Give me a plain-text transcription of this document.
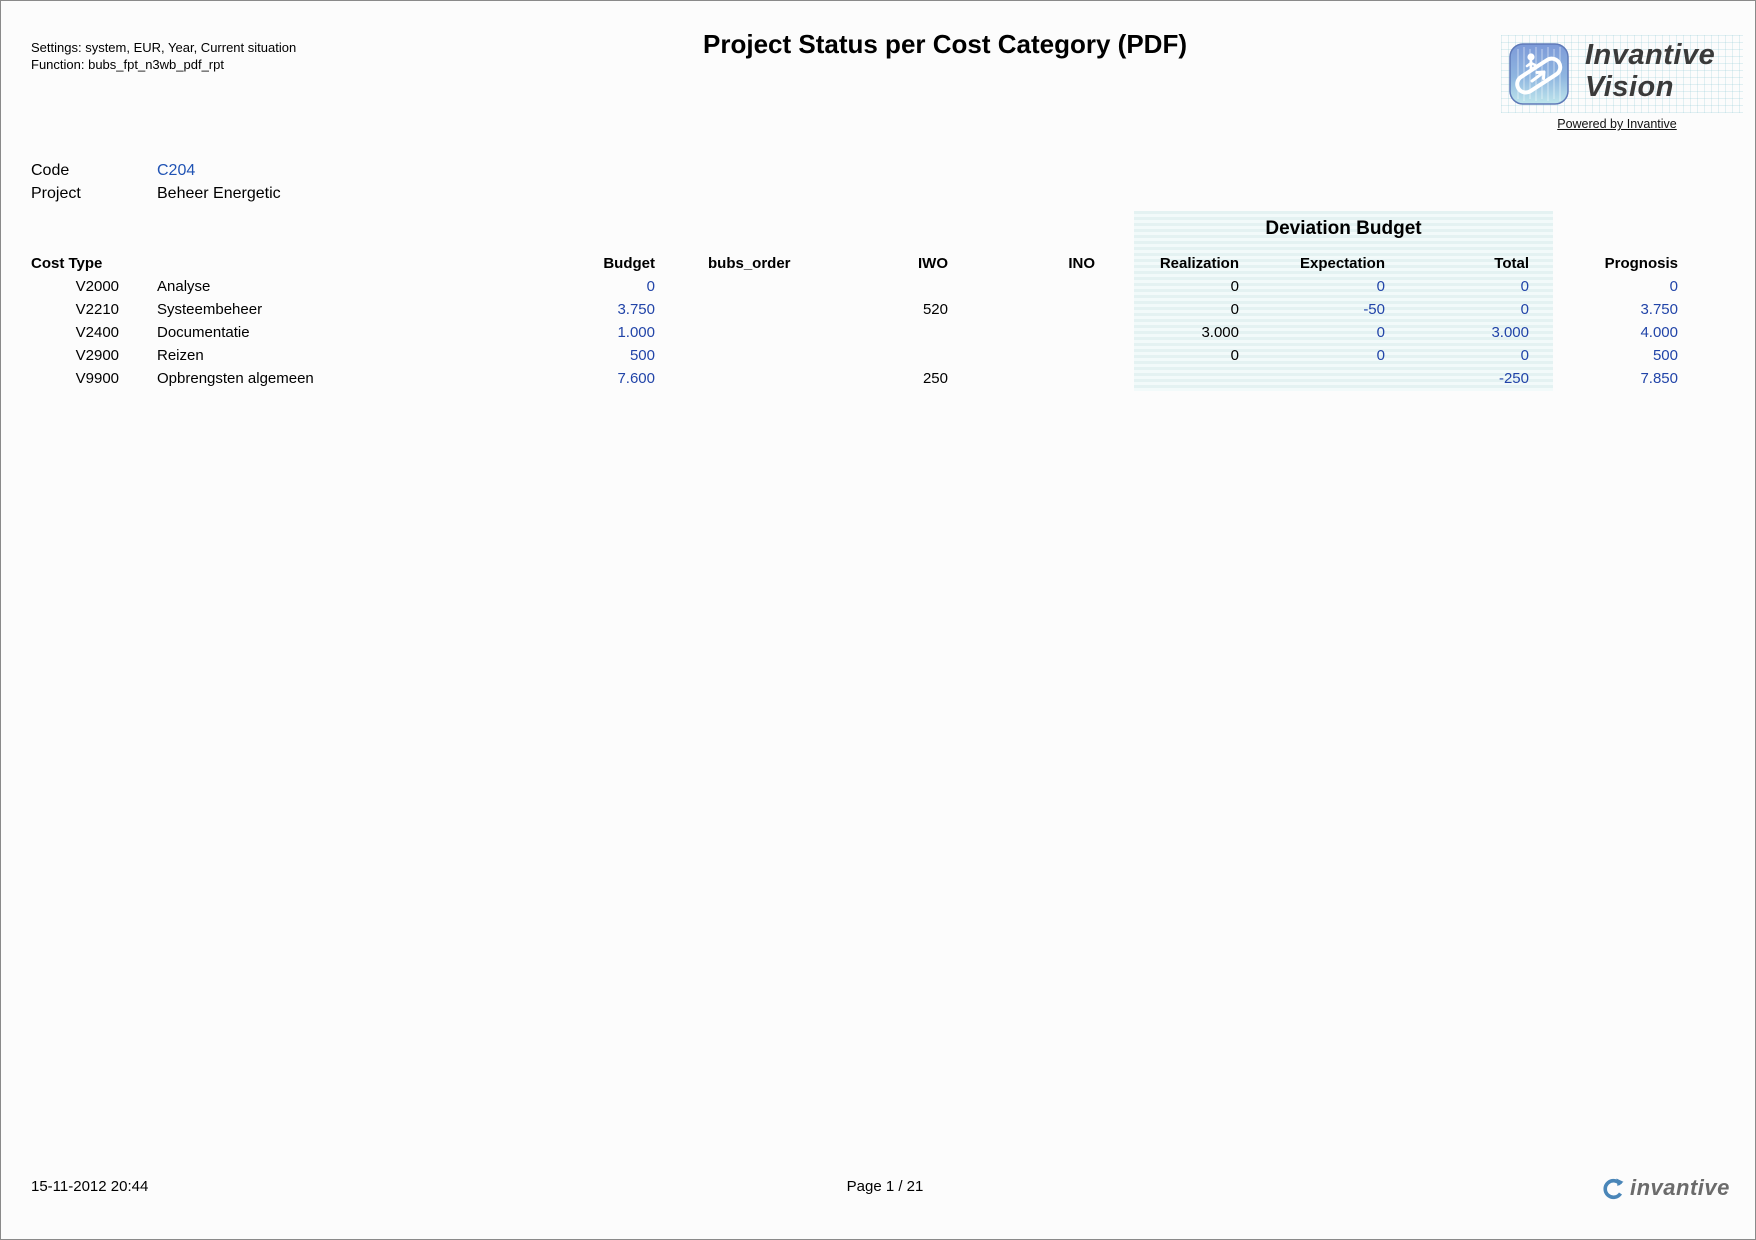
Settings: system, EUR, Year, Current situation
Function: bubs_fpt_n3wb_pdf_rpt
Project Status per Cost Category (PDF)	Invantive
Vision
Powered by Invantive
Code	C204
Project	Beheer Energetic
Deviation Budget
Cost Type		Budget	bubs_order	IWO	INO	Realization	Expectation	Total	Prognosis
V2000	Analyse	0				0	0	0	0
V2210	Systeembeheer	3.750		520		0	-50	0	3.750
V2400	Documentatie	1.000				3.000	0	3.000	4.000
V2900	Reizen	500				0	0	0	500
V9900	Opbrengsten algemeen	7.600		250				-250	7.850
15-11-2012 20:44	Page 1 / 21	invantive
